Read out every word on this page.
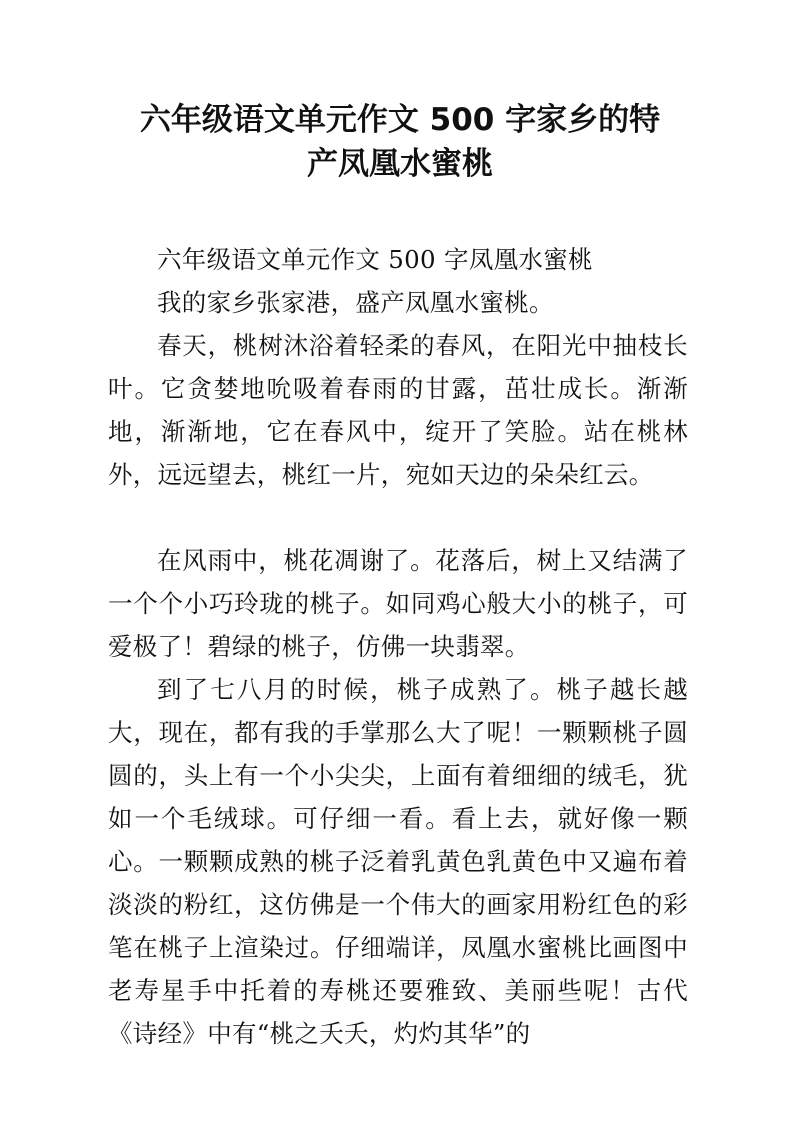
六年级语文单元作文 500 字家乡的特
产凤凰水蜜桃

六年级语文单元作文 500 字凤凰水蜜桃

我的家乡张家港，盛产凤凰水蜜桃。

春天，桃树沐浴着轻柔的春风，在阳光中抽枝长叶。它贪婪地吮吸着春雨的甘露，茁壮成长。渐渐地，渐渐地，它在春风中，绽开了笑脸。站在桃林外，远远望去，桃红一片，宛如天边的朵朵红云。

在风雨中，桃花凋谢了。花落后，树上又结满了一个个小巧玲珑的桃子。如同鸡心般大小的桃子，可爱极了！碧绿的桃子，仿佛一块翡翠。

到了七八月的时候，桃子成熟了。桃子越长越大，现在，都有我的手掌那么大了呢！一颗颗桃子圆圆的，头上有一个小尖尖，上面有着细细的绒毛，犹如一个毛绒球。可仔细一看。看上去，就好像一颗心。一颗颗成熟的桃子泛着乳黄色乳黄色中又遍布着淡淡的粉红，这仿佛是一个伟大的画家用粉红色的彩笔在桃子上渲染过。仔细端详，凤凰水蜜桃比画图中老寿星手中托着的寿桃还要雅致、美丽些呢！古代《诗经》中有“桃之夭夭，灼灼其华”的
